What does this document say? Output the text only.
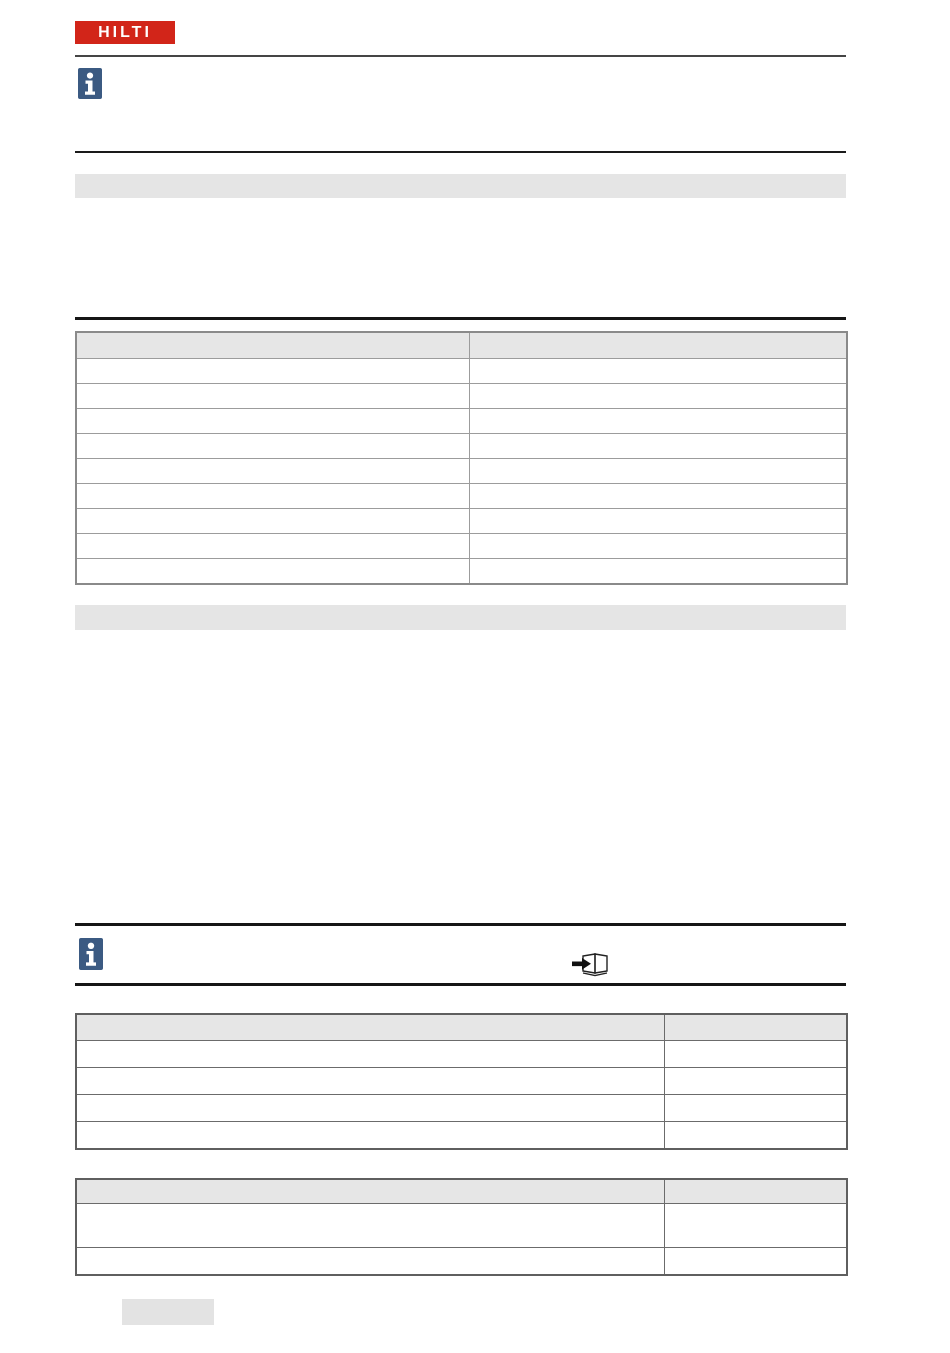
HILTI
